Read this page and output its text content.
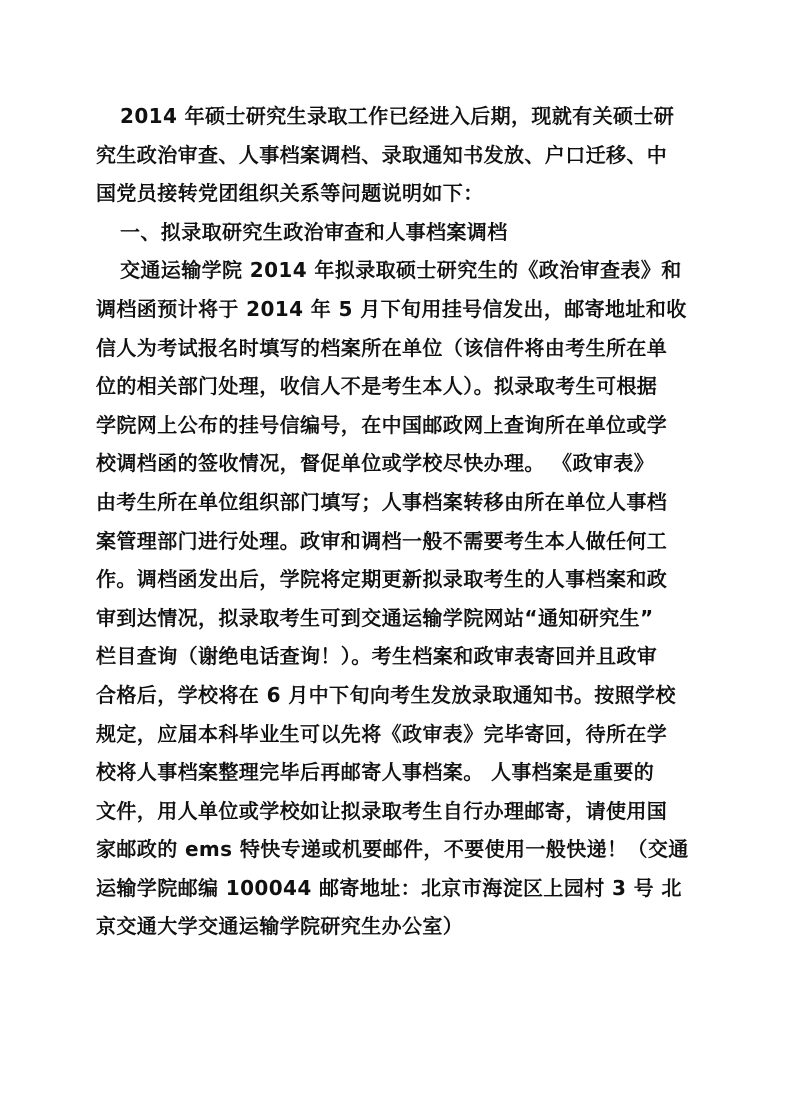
2014 年硕士研究生录取工作已经进入后期，现就有关硕士研
究生政治审查、人事档案调档、录取通知书发放、户口迁移、中
国党员接转党团组织关系等问题说明如下：
一、拟录取研究生政治审查和人事档案调档
交通运输学院 2014 年拟录取硕士研究生的《政治审查表》和
调档函预计将于 2014 年 5 月下旬用挂号信发出，邮寄地址和收
信人为考试报名时填写的档案所在单位（该信件将由考生所在单
位的相关部门处理，收信人不是考生本人）。拟录取考生可根据
学院网上公布的挂号信编号，在中国邮政网上查询所在单位或学
校调档函的签收情况，督促单位或学校尽快办理。 《政审表》
由考生所在单位组织部门填写；人事档案转移由所在单位人事档
案管理部门进行处理。政审和调档一般不需要考生本人做任何工
作。调档函发出后，学院将定期更新拟录取考生的人事档案和政
审到达情况，拟录取考生可到交通运输学院网站“通知研究生”
栏目查询（谢绝电话查询！）。考生档案和政审表寄回并且政审
合格后，学校将在 6 月中下旬向考生发放录取通知书。按照学校
规定，应届本科毕业生可以先将《政审表》完毕寄回，待所在学
校将人事档案整理完毕后再邮寄人事档案。 人事档案是重要的
文件，用人单位或学校如让拟录取考生自行办理邮寄，请使用国
家邮政的 ems 特快专递或机要邮件，不要使用一般快递！（交通
运输学院邮编 100044 邮寄地址：北京市海淀区上园村 3 号 北
京交通大学交通运输学院研究生办公室）
